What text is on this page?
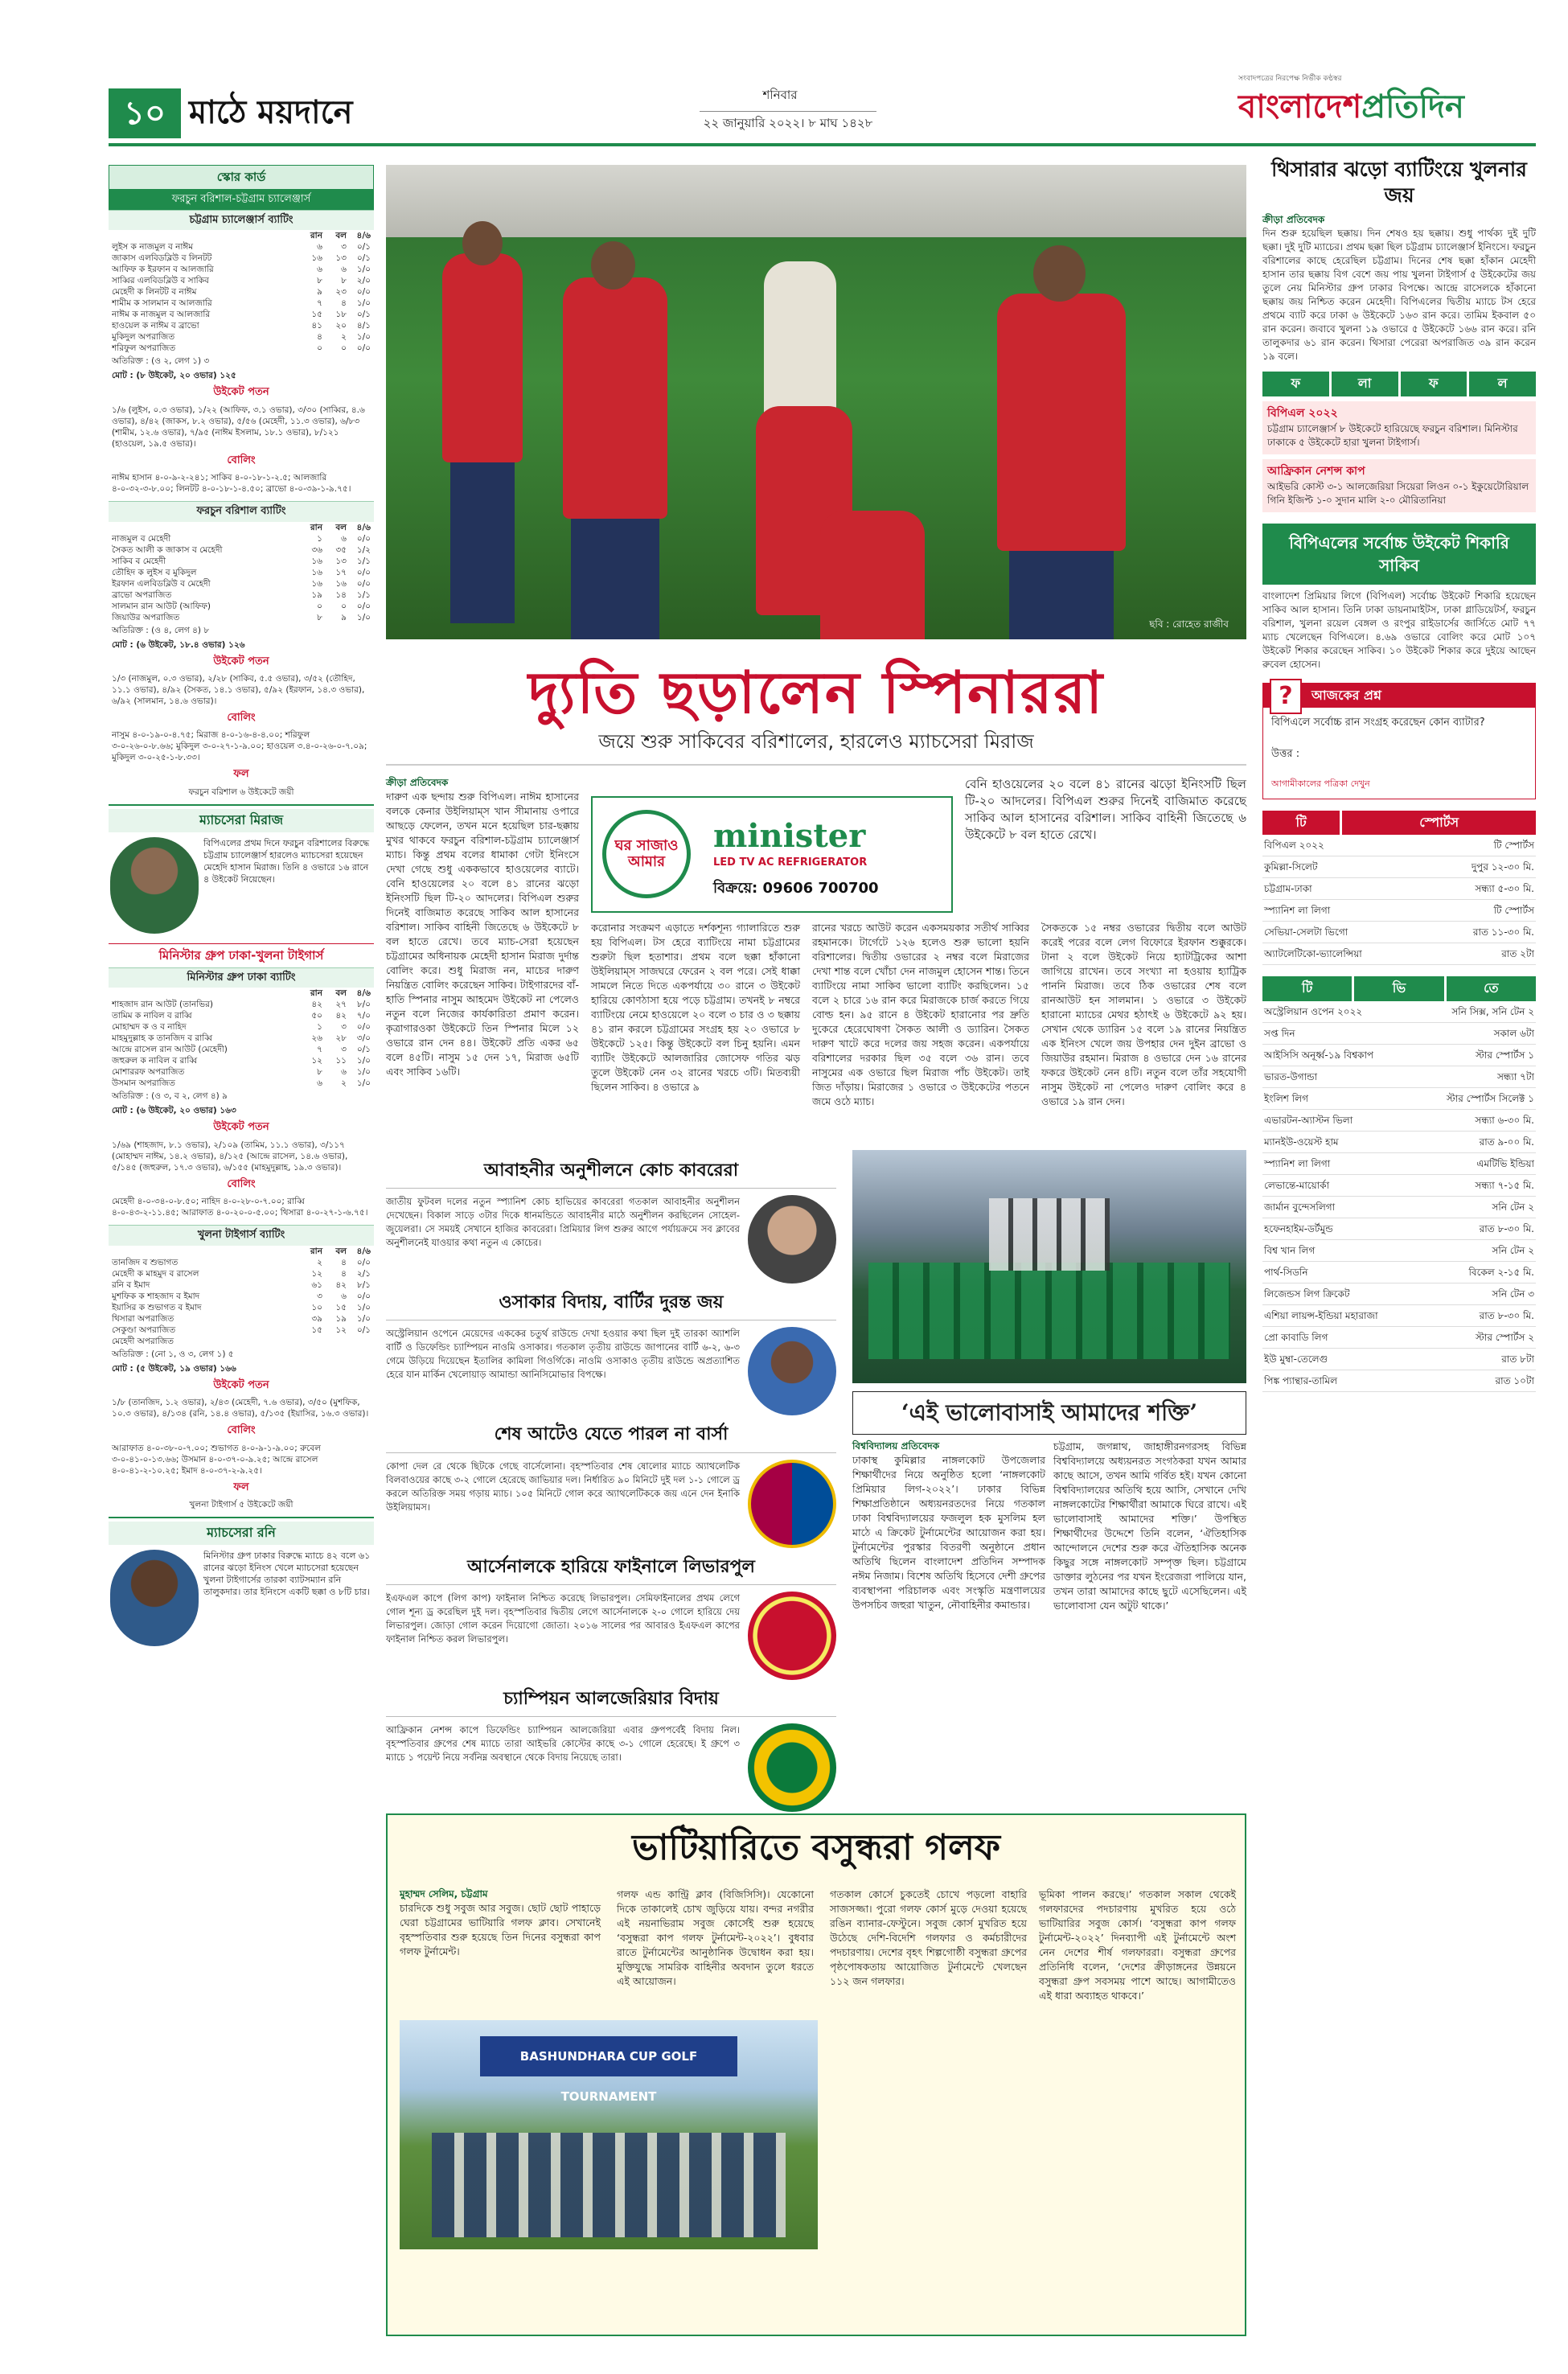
১০ মাঠে ময়দানে	শনিবার
২২ জানুয়ারি ২০২২। ৮ মাঘ ১৪২৮
সংবাদপত্রের নিরপেক্ষ নির্ভীক কণ্ঠস্বর
বাংলাদেশপ্রতিদিন
স্কোর কার্ড
ফরচুন বরিশাল-চট্টগ্রাম চ্যালেঞ্জার্স
চট্টগ্রাম চ্যালেঞ্জার্স ব্যাটিং
রান	বল ৪/৬
লুইস ক নাজমুল ব নাঈম	৬	৩ ০/১
জাকাস এলবিডব্লিউ ব লিনটট	১৬	১৩ ০/১
আফিফ ক ইরফান ব আলজারি	৬	৬ ১/০
সাব্বির এলবিডব্লিউ ব সাকিব	৮	৮ ২/০
মেহেদী ক লিনটট ব নাঈম	৯	২৩ ০/০
শামীম ক সালমান ব আলজারি	৭	৪ ১/০
নাঈম ক নাজমুল ব আলজারি	১৫	১৮ ০/১
হাওয়েল ক নাঈম ব ব্রাভো	৪১	২০ ৪/১
মুকিদুল অপরাজিত	৪	২ ১/০
শরিফুল অপরাজিত	০	০ ০/০
অতিরিক্ত : (ও ২, লেগ ১) ৩
মোট : (৮ উইকেট, ২০ ওভার) ১২৫
উইকেট পতন
১/৬ (লুইস, ০.৩ ওভার), ১/২২ (আফিফ, ৩.১ ওভার), ৩/৩০ (সাব্বির, ৪.৬ ওভার), ৪/৪২ (জাকস, ৮.২ ওভার), ৫/৫৬ (মেহেদী, ১১.৩ ওভার), ৬/৮৩ (শামীম, ১২.৬ ওভার), ৭/৯৫ (নাঈম ইসলাম, ১৮.১ ওভার), ৮/১২১ (হাওয়েল, ১৯.৫ ওভার)।
বোলিং
নাঈম হাসান ৪-০-৯-২-২৪১; সাকিব ৪-০-১৮-১-২.৫; আলজারি ৪-০-৩২-৩-৮.০০; লিনটট ৪-০-১৮-১-৪.৫০; ব্রাভো ৪-০-৩৯-১-৯.৭৫।
ফরচুন বরিশাল ব্যাটিং
রান	বল ৪/৬
নাজমুল ব মেহেদী	১	৬ ০/০
সৈকত আলী ক জাকাস ব মেহেদী	৩৬	৩৫ ১/২
সাকিব ব মেহেদী	১৬	১৩ ১/১
তৌহিদ ক লুইস ব মুকিদুল	১৬	১৭ ০/০
ইরফান এলবিডব্লিউ ব মেহেদী	১৬	১৬ ০/০
ব্রাভো অপরাজিত	১৯	১৪ ১/১
সালমান রান আউট (আফিফ)	০	০ ০/০
জিয়াউর অপরাজিত	৮	৯ ১/০
অতিরিক্ত : (ও ৪, লেগ ৪) ৮
মোট : (৬ উইকেট, ১৮.৪ ওভার) ১২৬
উইকেট পতন
১/৩ (নাজমুল, ০.৩ ওভার), ২/২৮ (সাকিব, ৫.৫ ওভার), ৩/৫২ (তৌহিদ, ১১.১ ওভার), ৪/৯২ (সৈকত, ১৪.১ ওভার), ৫/৯২ (ইরফান, ১৪.৩ ওভার), ৬/৯২ (সালমান, ১৪.৬ ওভার)।
বোলিং
নাসুম ৪-০-১৯-০-৪.৭৫; মিরাজ ৪-০-১৬-৪-৪.০০; শরিফুল ৩-০-২৬-০-৮.৬৬; মুকিদুল ৩-০-২৭-১-৯.০০; হাওয়েল ৩.৪-০-২৬-০-৭.০৯; মুকিদুল ৩-০-২৫-১-৮.৩৩।
ফল
ফরচুন বরিশাল ৬ উইকেটে জয়ী
ম্যাচসেরা মিরাজ
বিপিএলের প্রথম দিনে ফরচুন বরিশালের বিরুদ্ধে চট্টগ্রাম চ্যালেঞ্জার্স হারলেও ম্যাচসেরা হয়েছেন মেহেদি হাসান মিরাজ। তিনি ৪ ওভারে ১৬ রানে ৪ উইকেট নিয়েছেন।
মিনিস্টার গ্রুপ ঢাকা-খুলনা টাইগার্স
মিনিস্টার গ্রুপ ঢাকা ব্যাটিং
রান	বল ৪/৬
শাহজাদ রান আউট (তানভির)	৪২	২৭ ৮/০
তামিম ক নাবিল ব রাব্বি	৫০	৪২ ৭/০
মোহাম্মদ ক ও ব নাহিদ	১	৩ ০/০
মাহমুদুল্লাহ ক তানজিদ ব রাব্বি	২৬	২৮ ৩/০
আন্দ্রে রাসেল রান আউট (মেহেদী)	৭	৩ ০/১
জহুরুল ক নাবিল ব রাব্বি	১২	১১ ১/০
মোশাররফ অপরাজিত	৮	৬ ১/০
উসমান অপরাজিত	৬	২ ১/০
অতিরিক্ত : (ও ৩, ব ২, লেগ ৪) ৯
মোট : (৬ উইকেট, ২০ ওভার) ১৬৩
উইকেট পতন
১/৬৯ (শাহজাদ, ৮.১ ওভার), ২/১০৯ (তামিম, ১১.১ ওভার), ৩/১১৭ (মোহাম্মদ নাঈম, ১৪.২ ওভার), ৪/১২৫ (আন্দ্রে রাসেল, ১৪.৬ ওভার), ৫/১৪৫ (জহুরুল, ১৭.৩ ওভার), ৬/১৫৫ (মাহমুদুল্লাহ, ১৯.৩ ওভার)।
বোলিং
মেহেদী ৪-০-৩৪-০-৮.৫০; নাহিদ ৪-০-২৮-০-৭.০০; রাব্বি ৪-০-৪৩-২-১১.৪৫; আরাফাত ৪-০-২০-০-৫.০০; থিসারা ৪-০-২৭-১-৬.৭৫।
খুলনা টাইগার্স ব্যাটিং
রান	বল ৪/৬
তানজিদ ব শুভাগত	২	৪ ০/০
মেহেদী ক মাহমুদ ব রাসেল	১২	৪ ২/১
রনি ব ইমাদ	৬১	৪২ ৮/১
মুশফিক ক শাহজাদ ব ইমাদ	৩	৬ ০/০
ইয়াসির ক শুভাগত ব ইমাদ	১০	১৫ ১/০
থিসারা অপরাজিত	৩৯	১৯ ১/০
সেকুণ্ডা অপরাজিত	১৫	১২ ০/১
মেহেদী অপরাজিত
অতিরিক্ত : (নো ১, ও ৩, লেগ ১) ৫
মোট : (৫ উইকেট, ১৯ ওভার) ১৬৬
উইকেট পতন
১/৮ (তানজিদ, ১.২ ওভার), ২/৪৩ (মেহেদী, ৭.৬ ওভার), ৩/৫০ (মুশফিক, ১০.৩ ওভার), ৪/১৩৪ (রনি, ১৪.৪ ওভার), ৫/১৩৫ (ইয়াসির, ১৬.৩ ওভার)।
বোলিং
আরাফাত ৪-০-৩৮-০-৭.০০; শুভাগত ৪-০-৯-১-৯.০০; রুবেল ৩-০-৪১-০-১৩.৬৬; উসমান ৪-০-৩৭-০-৯.২৫; আন্দ্রে রাসেল ৪-০-৪১-২-১০.২৫; ইমাদ ৪-০-৩৭-২-৯.২৫।
ফল
খুলনা টাইগার্স ৫ উইকেটে জয়ী
ম্যাচসেরা রনি
মিনিস্টার গ্রুপ ঢাকার বিরুদ্ধে ম্যাচে ৪২ বলে ৬১ রানের ঝড়ো ইনিংস খেলে ম্যাচসেরা হয়েছেন খুলনা টাইগার্সের তারকা ব্যাটসম্যান রনি তালুকদার। তার ইনিংসে একটি ছক্কা ও ৮টি চার।
ছবি : রোহেত রাজীব
দ্যুতি ছড়ালেন স্পিনাররা
জয়ে শুরু সাকিবের বরিশালের, হারলেও ম্যাচসেরা মিরাজ
ক্রীড়া প্রতিবেদক
দারুণ এক ছন্দায় শুরু বিপিএল। নাঈম হাসানের বলকে কেনার উইলিয়াম্স খান সীমানায় ওপারে আছড়ে ফেলেন, তখন মনে হয়েছিল চার-ছক্কায় মুখর থাকবে ফরচুন বরিশাল-চট্টগ্রাম চ্যালেঞ্জার্স ম্যাচ। কিন্তু প্রথম বলের ধামাকা গেটা ইনিংসে দেখা গেছে শুধু এককভাবে হাওয়েলের ব্যাটে। বেনি হাওয়েলের ২০ বলে ৪১ রানের ঝড়ো ইনিংসটি ছিল টি-২০ আদলের। বিপিএল শুরুর দিনেই বাজিমাত করেছে সাকিব আল হাসানের বরিশাল। সাকিব বাহিনী জিতেছে ৬ উইকেটে ৮ বল হাতে রেখে। তবে ম্যাচ-সেরা হয়েছেন চট্টগ্রামের অধিনায়ক মেহেদী হাসান মিরাজ দুর্দান্ত বোলিং করে। শুধু মিরাজ নন, মাচের দারুণ নিয়ন্ত্রিত বোলিং করেছেন সাকিব। টাইগারদের বাঁ-হাতি স্পিনার নাসুম আহমেদ উইকেট না পেলেও নতুন বলে নিজের কার্যকারিতা প্রমাণ করেন। কৃত্রাগারওকা উইকেটে তিন স্পিনার মিলে ১২ ওভারে রান দেন ৪৪। উইকেট প্রতি একর ৬৫ বলে ৪৫টি। নাসুম ১৫ দেন ১৭, মিরাজ ৬৫টি এবং সাকিব ১৬টি।
ঘর সাজাও আমার
minister
LED TV AC REFRIGERATOR
বিক্রয়ে: 09606 700700
বেনি হাওয়েলের ২০ বলে ৪১ রানের ঝড়ো ইনিংসটি ছিল টি-২০ আদলের। বিপিএল শুরুর দিনেই বাজিমাত করেছে সাকিব আল হাসানের বরিশাল। সাকিব বাহিনী জিতেছে ৬ উইকেটে ৮ বল হাতে রেখে।
করোনার সংক্রমণ এড়াতে দর্শকশূন্য গ্যালারিতে শুরু হয় বিপিএল। টস হেরে ব্যাটিংয়ে নামা চট্টগ্রামের শুরুটা ছিল হতাশার। প্রথম বলে ছক্কা হাঁকানো উইলিয়াম্স সাজঘরে ফেরেন ২ বল পরে। সেই ধাক্কা সামলে নিতে দিতে একপর্যায়ে ৩০ রানে ৩ উইকেট হারিয়ে কোণঠাসা হয়ে পড়ে চট্টগ্রাম। তখনই ৮ নম্বরে ব্যাটিংয়ে নেমে হাওয়েলে ২০ বলে ৩ চার ও ৩ ছক্কায় ৪১ রান করলে চট্টগ্রামের সংগ্রহ হয় ২০ ওভারে ৮ উইকেটে ১২৫। কিন্তু উইকেটে বল চিনু হয়নি। এমন ব্যাটিং উইকেটে আলজারির জোসেফ গতির ঝড় তুলে উইকেট নেন ৩২ রানের খরচে ৩টি। মিতব্যয়ী ছিলেন সাকিব। ৪ ওভারে ৯
রানের খরচে আউট করেন একসময়কার সতীর্থ সাব্বির রহমানকে। টার্গেটে ১২৬ হলেও শুরু ভালো হয়নি বরিশালের। দ্বিতীয় ওভারের ২ নম্বর বলে মিরাজের দেখা শান্ত বলে খোঁচা দেন নাজমুল হোসেন শান্ত। তিনে ব্যাটিংয়ে নামা সাকিব ভালো ব্যাটিং করছিলেন। ১৫ বলে ২ চারে ১৬ রান করে মিরাজকে চার্জ করতে গিয়ে বোল্ড হন। ৯৫ রানে ৪ উইকেট হারানোর পর দ্রুতি দুকেরে হেরেঘোষণা সৈকত আলী ও ড্যারিন। সৈকত দারুণ খাটে করে দলের জয় সহজ করেন। একপর্যায়ে বরিশালের দরকার ছিল ৩৫ বলে ৩৬ রান। তবে নাসুমের এক ওভারে ছিল মিরাজ পাঁচ উইকেট। তাই জিত দাঁড়ায়। মিরাজের ১ ওভারে ৩ উইকেটের পতনে জমে ওঠে ম্যাচ।
সৈকতকে ১৫ নম্বর ওভারের দ্বিতীয় বলে আউট করেই পরের বলে লেগ বিফোরে ইরফান শুক্কুরকে। টানা ২ বলে উইকেট নিয়ে হ্যাটট্রিকের আশা জাগিয়ে রাখেন। তবে সংখ্যা না হওয়ায় হ্যাট্রিক পাননি মিরাজ। তবে ঠিক ওভারের শেষ বলে রানআউট হন সালমান। ১ ওভারে ৩ উইকেট হারানো ম্যাচের মেথর হঠাৎই ৬ উইকেটে ৯২ হয়। সেখান থেকে ড্যারিন ১৫ বলে ১৯ রানের নিয়ন্ত্রিত এক ইনিংস খেলে জয় উপহার দেন দুইন ব্রাভো ও জিয়াউর রহমান। মিরাজ ৪ ওভারে দেন ১৬ রানের ফকরে উইকেট নেন ৪টি। নতুন বলে তাঁর সহযোগী নাসুম উইকেট না পেলেও দারুণ বোলিং করে ৪ ওভারে ১৯ রান দেন।
আবাহনীর অনুশীলনে কোচ কাবরেরা
জাতীয় ফুটবল দলের নতুন স্প্যানিশ কোচ হাভিয়ের কাবরেরা গতকাল আবাহনীর অনুশীলন দেখেছেন। বিকাল সাড়ে ৩টার দিকে ধানমন্ডিতে আবাহনীর মাঠে অনুশীলন করছিলেন সোহেল-জুয়েলরা। সে সময়ই সেখানে হাজির কাবরেরা। প্রিমিয়ার লিগ শুরুর আগে পর্যায়ক্রমে সব ক্লাবের অনুশীলনেই যাওয়ার কথা নতুন এ কোচের।
ওসাকার বিদায়, বার্টির দুরন্ত জয়
অস্ট্রেলিয়ান ওপেনে মেয়েদের এককের চতুর্থ রাউন্ডে দেখা হওয়ার কথা ছিল দুই তারকা অ্যাশলি বার্টি ও ডিফেন্ডিং চ্যাম্পিয়ন নাওমি ওসাকার। গতকাল তৃতীয় রাউন্ডে জাপানের বার্টি ৬-২, ৬-৩ গেমে উড়িয়ে দিয়েছেন ইতালির কামিলা গিওর্গিকে। নাওমি ওসাকাও তৃতীয় রাউন্ডে অপ্রত্যাশিত হেরে যান মার্কিন খেলোয়াড় আমান্ডা আনিসিমোভার বিপক্ষে।
শেষ আটেও যেতে পারল না বার্সা
কোপা দেল রে থেকে ছিটকে গেছে বার্সেলোনা। বৃহস্পতিবার শেষ ষোলোর ম্যাচে অ্যাথলেটিক বিলবাওয়ের কাছে ৩-২ গোলে হেরেছে জাভিয়ার দল। নির্ধারিত ৯০ মিনিটে দুই দল ১-১ গোলে ড্র করলে অতিরিক্ত সময় গড়ায় ম্যাচ। ১০৫ মিনিটে গোল করে অ্যাথলেটিককে জয় এনে দেন ইনাকি উইলিয়ামস।
আর্সেনালকে হারিয়ে ফাইনালে লিভারপুল
ইএফএল কাপে (লিগ কাপ) ফাইনাল নিশ্চিত করেছে লিভারপুল। সেমিফাইনালের প্রথম লেগে গোল শূন্য ড্র করেছিল দুই দল। বৃহস্পতিবার দ্বিতীয় লেগে আর্সেনালকে ২-০ গোলে হারিয়ে দেয় লিভারপুল। জোড়া গোল করেন দিয়োগো জোতা। ২০১৬ সালের পর আবারও ইএফএল কাপের ফাইনাল নিশ্চিত করল লিভারপুল।
চ্যাম্পিয়ন আলজেরিয়ার বিদায়
আফ্রিকান নেশন্স কাপে ডিফেন্ডিং চ্যাম্পিয়ন আলজেরিয়া এবার গ্রুপপর্বেই বিদায় নিল। বৃহস্পতিবার গ্রুপের শেষ ম্যাচে তারা আইভরি কোস্টের কাছে ৩-১ গোলে হেরেছে। ই গ্রুপে ৩ ম্যাচে ১ পয়েন্ট নিয়ে সর্বনিম্ন অবস্থানে থেকে বিদায় নিয়েছে তারা।
‘এই ভালোবাসাই আমাদের শক্তি’
বিশ্ববিদ্যালয় প্রতিবেদক
ঢাকাস্থ কুমিল্লার নাঙ্গলকোট উপজেলার শিক্ষার্থীদের নিয়ে অনুষ্ঠিত হলো ‘নাঙ্গলকোট প্রিমিয়ার লিগ-২০২২’। ঢাকার বিভিন্ন শিক্ষাপ্রতিষ্ঠানে অধ্যয়নরতদের নিয়ে গতকাল ঢাকা বিশ্ববিদ্যালয়ের ফজলুল হক মুসলিম হল মাঠে এ ক্রিকেট টুর্নামেন্টের আয়োজন করা হয়। টুর্নামেন্টের পুরস্কার বিতরণী অনুষ্ঠানে প্রধান অতিথি ছিলেন বাংলাদেশ প্রতিদিন সম্পাদক নঈম নিজাম। বিশেষ অতিথি হিসেবে দেশী গ্রুপের ব্যবস্থাপনা পরিচালক এবং সংস্কৃতি মন্ত্রণালয়ের উপসচিব জহুরা খাতুন, নৌবাহিনীর কমান্ডার।
চট্টগ্রাম, জগন্নাথ, জাহাঙ্গীরনগরসহ বিভিন্ন বিশ্ববিদ্যালয়ে অধ্যয়নরত সংগঠকরা যখন আমার কাছে আসে, তখন আমি গর্বিত হই। যখন কোনো বিশ্ববিদ্যালয়ের অতিথি হয়ে আসি, সেখানে দেখি নাঙ্গলকোটের শিক্ষার্থীরা আমাকে ঘিরে রাখে। এই ভালোবাসাই আমাদের শক্তি।’ উপস্থিত শিক্ষার্থীদের উদ্দেশে তিনি বলেন, ‘ঐতিহাসিক আন্দোলনে দেশের শুরু করে ঐতিহাসিক অনেক কিছুর সঙ্গে নাঙ্গলকোট সম্পৃক্ত ছিল। চট্টগ্রামে ডাক্তার লুঠনের পর যখন ইংরেজরা পালিয়ে যান, তখন তারা আমাদের কাছে ছুটে এসেছিলেন। এই ভালোবাসা যেন অটুট থাকে।’
ভাটিয়ারিতে বসুন্ধরা গলফ
মুহাম্মদ সেলিম, চট্টগ্রাম
চারদিকে শুধু সবুজ আর সবুজ। ছোট ছোট পাহাড়ে ঘেরা চট্টগ্রামের ভাটিয়ারি গলফ ক্লাব। সেখানেই বৃহস্পতিবার শুরু হয়েছে তিন দিনের বসুন্ধরা কাপ গলফ টুর্নামেন্ট।
BASHUNDHARA CUP GOLF TOURNAMENT
গলফ এন্ড কান্ট্রি ক্লাব (বিজিসিসি)। যেকোনো দিকে তাকালেই চোখ জুড়িয়ে যায়। বন্দর নগরীর এই নয়নাভিরাম সবুজ কোর্সেই শুরু হয়েছে ‘বসুন্ধরা কাপ গলফ টুর্নামেন্ট-২০২২’। বুধবার রাতে টুর্নামেন্টের আনুষ্ঠানিক উদ্বোধন করা হয়। মুক্তিযুদ্ধে সামরিক বাহিনীর অবদান তুলে ধরতে এই আয়োজন।
গতকাল কোর্সে চুকতেই চোখে পড়লো বাহারি সাজসজ্জা। পুরো গলফ কোর্স মুড়ে দেওয়া হয়েছে রঙিন ব্যানার-ফেস্টুনে। সবুজ কোর্স মুখরিত হয়ে উঠেছে দেশি-বিদেশি গলফার ও কর্মচারীদের পদচারণায়। দেশের বৃহৎ শিল্পগোষ্ঠী বসুন্ধরা গ্রুপের পৃষ্ঠপোষকতায় আয়োজিত টুর্নামেন্টে খেলছেন ১১২ জন গলফার।
ভূমিকা পালন করছে।’ গতকাল সকাল থেকেই গলফারদের পদচারণায় মুখরিত হয়ে ওঠে ভাটিয়ারির সবুজ কোর্স। ‘বসুন্ধরা কাপ গলফ টুর্নামেন্ট-২০২২’ দিনব্যাপী এই টুর্নামেন্টে অংশ নেন দেশের শীর্ষ গলফাররা। বসুন্ধরা গ্রুপের প্রতিনিধি বলেন, ‘দেশের ক্রীড়াঙ্গনের উন্নয়নে বসুন্ধরা গ্রুপ সবসময় পাশে আছে। আগামীতেও এই ধারা অব্যাহত থাকবে।’
থিসারার ঝড়ো ব্যাটিংয়ে খুলনার জয়
ক্রীড়া প্রতিবেদক
দিন শুরু হয়েছিল ছক্কায়। দিন শেষও হয় ছক্কায়। শুধু পার্থক্য দুই দুটি ছক্কা। দুই দুটি ম্যাচের। প্রথম ছক্কা ছিল চট্টগ্রাম চ্যালেঞ্জার্স ইনিংসে। ফরচুন বরিশালের কাছে হেরেছিল চট্টগ্রাম। দিনের শেষ ছক্কা হাঁকান মেহেদী হাসান তার ছক্কায় বিগ বেশে জয় পায় খুলনা টাইগার্স ৫ উইকেটের জয় তুলে নেয় মিনিস্টার গ্রুপ ঢাকার বিপক্ষে। আন্দ্রে রাসেলকে হাঁকানো ছক্কায় জয় নিশ্চিত করেন মেহেদী। বিপিএলের দ্বিতীয় ম্যাচে টস হেরে প্রথমে ব্যাট করে ঢাকা ৬ উইকেটে ১৬৩ রান করে। তামিম ইকবাল ৫০ রান করেন। জবাবে খুলনা ১৯ ওভারে ৫ উইকেটে ১৬৬ রান করে। রনি তালুকদার ৬১ রান করেন। থিসারা পেরেরা অপরাজিত ৩৯ রান করেন ১৯ বলে।
ফ	লা	ফ	ল
বিপিএল ২০২২

চট্টগ্রাম চ্যালেঞ্জার্স ৮ উইকেটে হারিয়েছে ফরচুন বরিশাল। মিনিস্টার ঢাকাকে ৫ উইকেটে হারা খুলনা টাইগার্স।

আফ্রিকান নেশন্স কাপ

আইভরি কোস্ট ৩-১ আলজেরিয়া সিয়েরা লিওন ০-১ ইকুয়েটোরিয়াল গিনি ইজিপ্ট ১-০ সুদান মালি ২-০ মৌরিতানিয়া

বিপিএলের সর্বোচ্চ উইকেট শিকারি সাকিব
বাংলাদেশ প্রিমিয়ার লিগে (বিপিএল) সর্বোচ্চ উইকেট শিকারি হয়েছেন সাকিব আল হাসান। তিনি ঢাকা ডায়নামাইটস, ঢাকা গ্লাডিয়েটর্স, ফরচুন বরিশাল, খুলনা রয়েল বেঙ্গল ও রংপুর রাইডার্সের জার্সিতে মোট ৭৭ ম্যাচ খেলেছেন বিপিএলে। ৪.৬৯ ওভারে বোলিং করে মোট ১০৭ উইকেট শিকার করেছেন সাকিব। ১০ উইকেট শিকার করে দুইয়ে আছেন রুবেল হোসেন।
?	আজকের প্রশ্ন
বিপিএলে সর্বোচ্চ রান সংগ্রহ করেছেন কোন ব্যাটার?
উত্তর :
আগামীকালের পত্রিকা দেখুন
টি	স্পোর্টস
বিপিএল ২০২২	টি স্পোর্টস
কুমিল্লা-সিলেট	দুপুর ১২-৩০ মি.
চট্টগ্রাম-ঢাকা	সন্ধ্যা ৫-৩০ মি.
স্প্যানিশ লা লিগা	টি স্পোর্টস
সেভিয়া-সেলটা ভিগো	রাত ১১-৩০ মি.
অ্যাটলেটিকো-ভ্যালেন্সিয়া	রাত ২টা
টি	ভি	তে
অস্ট্রেলিয়ান ওপেন ২০২২	সনি সিক্স, সনি টেন ২
সপ্ত দিন	সকাল ৬টা
আইসিসি অনূর্ধ্ব-১৯ বিশ্বকাপ	স্টার স্পোর্টস ১
ভারত-উগান্ডা	সন্ধ্যা ৭টা
ইংলিশ লিগ	স্টার স্পোর্টস সিলেক্ট ১
এভারটন-অ্যাস্টন ভিলা	সন্ধ্যা ৬-৩০ মি.
ম্যানইউ-ওয়েস্ট হাম	রাত ৯-০০ মি.
স্প্যানিশ লা লিগা	এমটিভি ইন্ডিয়া
লেভান্তে-মায়োর্কা	সন্ধ্যা ৭-১৫ মি.
জার্মান বুন্দেসলিগা	সনি টেন ২
হফেনহাইম-ডর্টমুন্ড	রাত ৮-৩০ মি.
বিশ্ব খান লিগ	সনি টেন ২
পার্থ-সিডনি	বিকেল ২-১৫ মি.
লিজেন্ডস লিগ ক্রিকেট	সনি টেন ৩
এশিয়া লায়ন্স-ইন্ডিয়া মহারাজা	রাত ৮-৩০ মি.
প্রো কাবাডি লিগ	স্টার স্পোর্টস ২
ইউ মুম্বা-তেলেগু	রাত ৮টা
পিঙ্ক প্যান্থার-তামিল	রাত ১০টা
